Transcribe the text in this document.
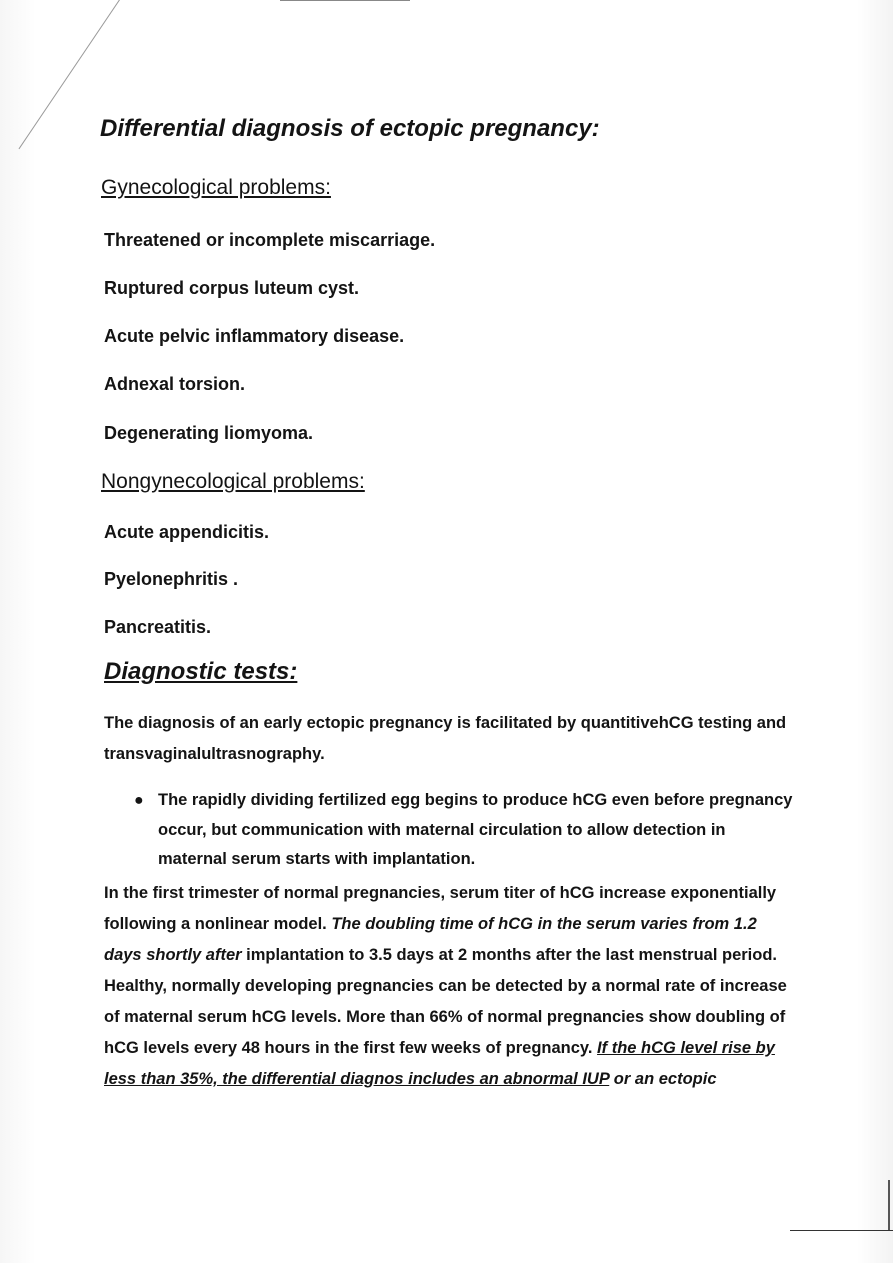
Differential diagnosis of ectopic pregnancy:
Gynecological problems:
Threatened or incomplete miscarriage.
Ruptured corpus luteum cyst.
Acute pelvic inflammatory disease.
Adnexal torsion.
Degenerating liomyoma.
Nongynecological problems:
Acute appendicitis.
Pyelonephritis .
Pancreatitis.
Diagnostic tests:
The diagnosis of an early ectopic pregnancy is facilitated by quantitivehCG testing and transvaginalultrasnography.
● The rapidly dividing fertilized egg begins to produce hCG even before pregnancy occur, but communication with maternal circulation to allow detection in maternal serum starts with implantation.
In the first trimester of normal pregnancies, serum titer of hCG increase exponentially following a nonlinear model. The doubling time of hCG in the serum varies from 1.2 days shortly after implantation to 3.5 days at 2 months after the last menstrual period. Healthy, normally developing pregnancies can be detected by a normal rate of increase of maternal serum hCG levels. More than 66% of normal pregnancies show doubling of hCG levels every 48 hours in the first few weeks of pregnancy. If the hCG level rise by less than 35%, the differential diagnos includes an abnormal IUP or an ectopic
